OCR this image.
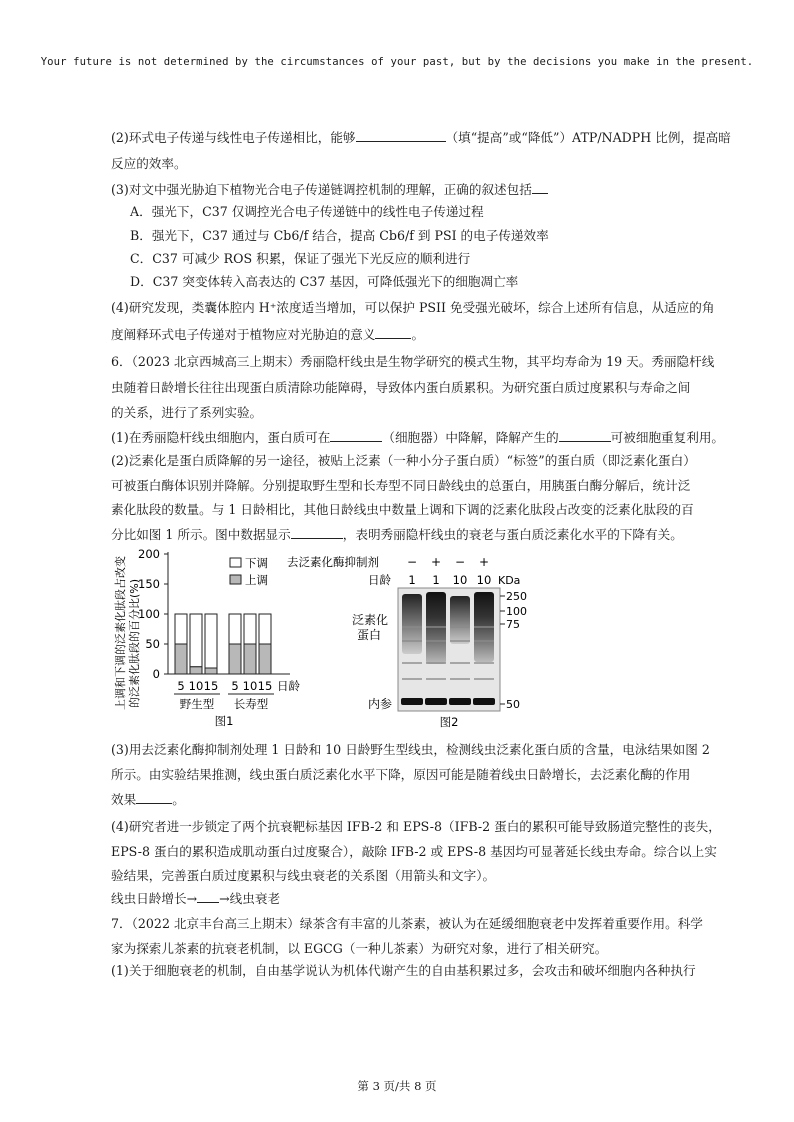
Your future is not determined by the circumstances of your past, but by the decisions you make in the present.
(2)环式电子传递与线性电子传递相比，能够	（填“提高”或“降低”）ATP/NADPH 比例，提高暗
反应的效率。
(3)对文中强光胁迫下植物光合电子传递链调控机制的理解，正确的叙述包括
A．强光下，C37 仅调控光合电子传递链中的线性电子传递过程
B．强光下，C37 通过与 Cb6/f 结合，提高 Cb6/f 到 PSI 的电子传递效率
C．C37 可减少 ROS 积累，保证了强光下光反应的顺利进行
D．C37 突变体转入高表达的 C37 基因，可降低强光下的细胞凋亡率
(4)研究发现，类囊体腔内 H⁺浓度适当增加，可以保护 PSII 免受强光破坏，综合上述所有信息，从适应的角
度阐释环式电子传递对于植物应对光胁迫的意义	。
6．（2023 北京西城高三上期末）秀丽隐杆线虫是生物学研究的模式生物，其平均寿命为 19 天。秀丽隐杆线
虫随着日龄增长往往出现蛋白质清除功能障碍，导致体内蛋白质累积。为研究蛋白质过度累积与寿命之间
的关系，进行了系列实验。
(1)在秀丽隐杆线虫细胞内，蛋白质可在	（细胞器）中降解，降解产生的	可被细胞重复利用。
(2)泛素化是蛋白质降解的另一途径，被贴上泛素（一种小分子蛋白质）“标签”的蛋白质（即泛素化蛋白）
可被蛋白酶体识别并降解。分别提取野生型和长寿型不同日龄线虫的总蛋白，用胰蛋白酶分解后，统计泛
素化肽段的数量。与 1 日龄相比，其他日龄线虫中数量上调和下调的泛素化肽段占改变的泛素化肽段的百
分比如图 1 所示。图中数据显示	，表明秀丽隐杆线虫的衰老与蛋白质泛素化水平的下降有关。
(3)用去泛素化酶抑制剂处理 1 日龄和 10 日龄野生型线虫，检测线虫泛素化蛋白质的含量，电泳结果如图 2
所示。由实验结果推测，线虫蛋白质泛素化水平下降，原因可能是随着线虫日龄增长，去泛素化酶的作用
效果	。
(4)研究者进一步锁定了两个抗衰靶标基因 IFB-2 和 EPS-8（IFB-2 蛋白的累积可能导致肠道完整性的丧失，
EPS-8 蛋白的累积造成肌动蛋白过度聚合），敲除 IFB-2 或 EPS-8 基因均可显著延长线虫寿命。综合以上实
验结果，完善蛋白质过度累积与线虫衰老的关系图（用箭头和文字）。
线虫日龄增长→ →线虫衰老
7．（2022 北京丰台高三上期末）绿茶含有丰富的儿茶素，被认为在延缓细胞衰老中发挥着重要作用。科学
家为探索儿茶素的抗衰老机制，以 EGCG（一种儿茶素）为研究对象，进行了相关研究。
(1)关于细胞衰老的机制，自由基学说认为机体代谢产生的自由基积累过多，会攻击和破坏细胞内各种执行
上调和下调的泛素化肽段占改变 的泛素化肽段的百分比(%)
200
150
100
50
0
下调
上调
5 10 15 5 10 15 日龄
野生型 长寿型
图1
去泛素化酶抑制剂 − + − +
日龄 1 1 10 10 KDa
250
100
75
50
泛素化
蛋白
内参
图2
第 3 页/共 8 页
